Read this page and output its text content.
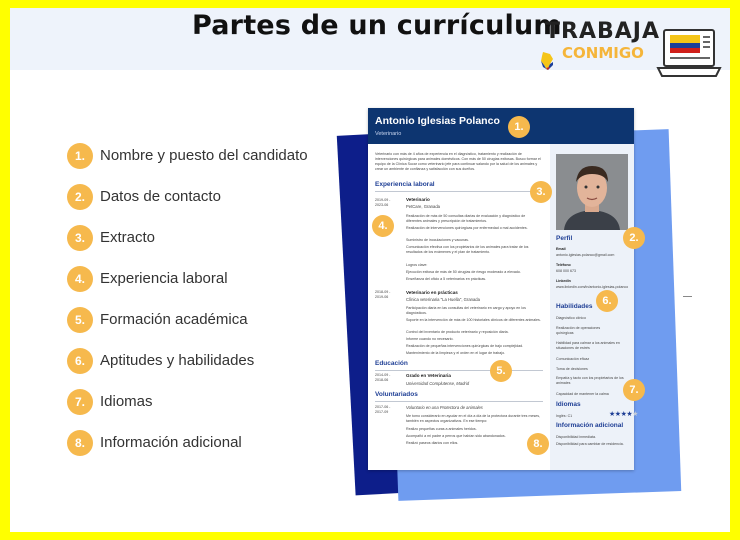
Partes de un currículum
TRABAJA
CONMIGO
1.	Nombre y puesto del candidato
2.	Datos de contacto
3.	Extracto
4.	Experiencia laboral
5.	Formación académica
6.	Aptitudes y habilidades
7.	Idiomas
8.	Información adicional
Antonio Iglesias Polanco
Veterinario
Veterinario con más de 4 años de experiencia en el diagnóstico, tratamiento y realización de intervenciones quirúrgicas para animales domésticos. Con más de 50 cirugías exitosas. Busco formar el equipo de la Clínica Sucar como veterinario jefe para continuar salando por la salud de los animales y crear un ambiente de confianza y satisfacción con sus dueños.
Experiencia laboral
2019-09 - 2023-06
Veterinario
PetCare, Granada
Realización de más de 50 consultas diarias de evaluación y diagnóstico de diferentes animales y prescripción de tratamientos.
Realización de intervenciones quirúrgicas por enfermedad o mal accidentes.
Suministro de inoculaciones y vacunas.
Comunicación efectiva con los propietarios de los animales para tratar de los resultados de los exámenes y el plan de tratamiento.
Logros clave:
Ejecución exitosa de más de 50 cirugías de riesgo moderado a elevado.
Enseñanza del oficio a 5 veterinarios en prácticas.
2018-09 - 2019-06
Veterinario en prácticas
Clínica veterinaria "La Huella", Granada
Participación diaria en las consultas del veterinario en cargo y apoyo en los diagnósticos.
Soporte en la intervención de más de 100 historiales clínicos de diferentes animales.
Control del inventario de producto veterinario y reposición diaria.
Informe cuando no necesario.
Realización de pequeñas intervenciones quirúrgicas de bajo complejidad.
Mantenimiento de la limpieza y el orden en el lugar de trabajo.
Educación
2014-09 - 2018-06
Grado en Veterinaria
Universidad Complutense, Madrid
Voluntariados
2017-06 - 2017-09
Voluntario en una Protectora de animales
Me tomo considerarlo en ayudar en el día a día de la protectora durante tres meses, también en aspectos organizativos. En ese tiempo:
Realizo pequeñas curas a animales heridos.
Acompañó a mi padre a perros que habían sido abandonados.
Realizó paseos diarios con ellos.
Perfil
Email
antonio.iglesias.polanco@gmail.com
Teléfono
608 000 673
LinkedIn
www.linkedin.com/in/antonio-iglesias-polanco
Habilidades
Diagnóstico clínico
Realización de operaciones quirúrgicas
Habilidad para calmar a los animales en situaciones de estrés
Comunicación eficaz
Toma de decisiones
Empatía y tacto con los propietarios de los animales
Capacidad de mantener la calma
Idiomas
Inglés: C1	★★★★★
Información adicional
Disponibilidad inmediata.
Disponibilidad para cambiar de residencia.
1.
2.
3.
4.
5.
6.
7.
8.
